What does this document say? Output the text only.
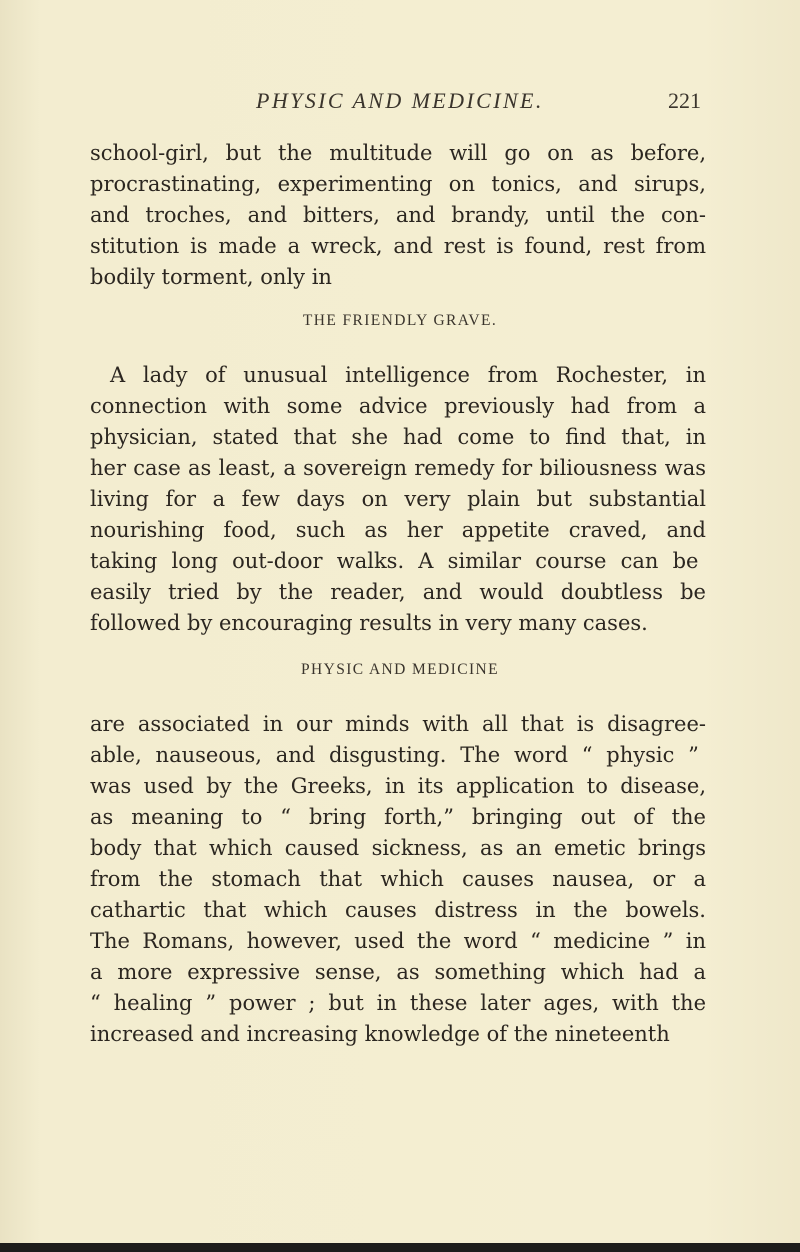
PHYSIC AND MEDICINE.	221
school-girl, but the multitude will go on as before,
procrastinating, experimenting on tonics, and sirups,
and troches, and bitters, and brandy, until the con-
stitution is made a wreck, and rest is found, rest from
bodily torment, only in
THE FRIENDLY GRAVE.
A lady of unusual intelligence from Rochester, in
connection with some advice previously had from a
physician, stated that she had come to find that, in
her case as least, a sovereign remedy for biliousness was
living for a few days on very plain but substantial
nourishing food, such as her appetite craved, and
taking long out-door walks. A similar course can be
easily tried by the reader, and would doubtless be
followed by encouraging results in very many cases.
PHYSIC AND MEDICINE
are associated in our minds with all that is disagree-
able, nauseous, and disgusting. The word “ physic ”
was used by the Greeks, in its application to disease,
as meaning to “ bring forth,” bringing out of the
body that which caused sickness, as an emetic brings
from the stomach that which causes nausea, or a
cathartic that which causes distress in the bowels.
The Romans, however, used the word “ medicine ” in
a more expressive sense, as something which had a
“ healing ” power ; but in these later ages, with the
increased and increasing knowledge of the nineteenth
